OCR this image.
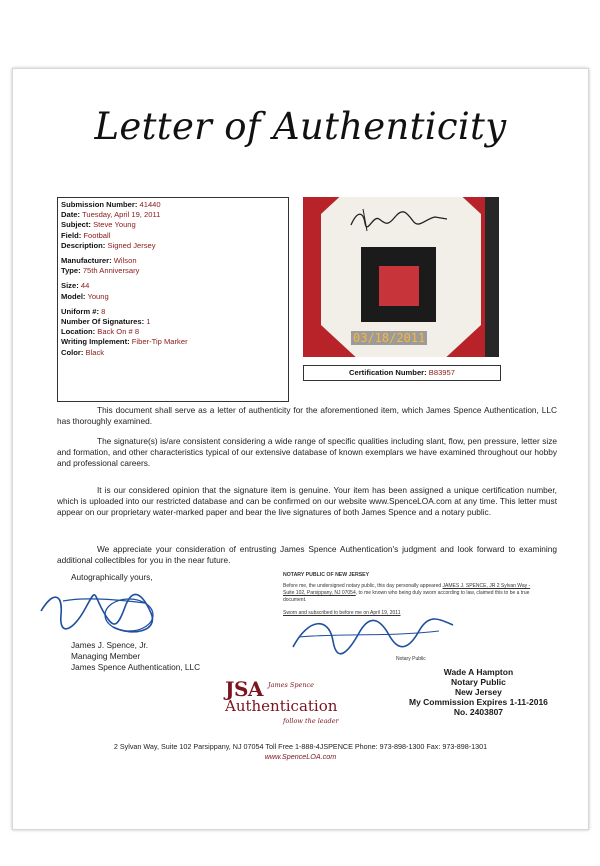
Letter of Authenticity
Submission Number: 41440
Date: Tuesday, April 19, 2011
Subject: Steve Young
Field: Football
Description: Signed Jersey
Manufacturer: Wilson
Type: 75th Anniversary
Size: 44
Model: Young
Uniform #: 8
Number Of Signatures: 1
Location: Back On # 8
Writing Implement: Fiber-Tip Marker
Color: Black
03/18/2011
Certification Number: B83957

This document shall serve as a letter of authenticity for the aforementioned item, which James Spence Authentication, LLC has thoroughly examined.

The signature(s) is/are consistent considering a wide range of specific qualities including slant, flow, pen pressure, letter size and formation, and other characteristics typical of our extensive database of known exemplars we have examined throughout our hobby and professional careers.

It is our considered opinion that the signature item is genuine. Your item has been assigned a unique certification number, which is uploaded into our restricted database and can be confirmed on our website www.SpenceLOA.com at any time. This letter must appear on our proprietary water-marked paper and bear the live signatures of both James Spence and a notary public.

We appreciate your consideration of entrusting James Spence Authentication's judgment and look forward to examining additional collectibles for you in the near future.

Autographically yours,
James J. Spence, Jr.
Managing Member
James Spence Authentication, LLC
NOTARY PUBLIC OF NEW JERSEY
Before me, the undersigned notary public, this day personally appeared JAMES J. SPENCE, JR 2 Sylvan Way - Suite 102, Parsippany, NJ 07054, to me known who being duly sworn according to law, claimed this to be a true document.
Sworn and subscribed to before me on April 19, 2011
Notary Public
Wade A Hampton
Notary Public
New Jersey
My Commission Expires 1-11-2016
No. 2403807
JSA James Spence
Authentication
follow the leader
2 Sylvan Way, Suite 102 Parsippany, NJ 07054 Toll Free 1-888-4JSPENCE Phone: 973-898-1300 Fax: 973-898-1301
www.SpenceLOA.com
